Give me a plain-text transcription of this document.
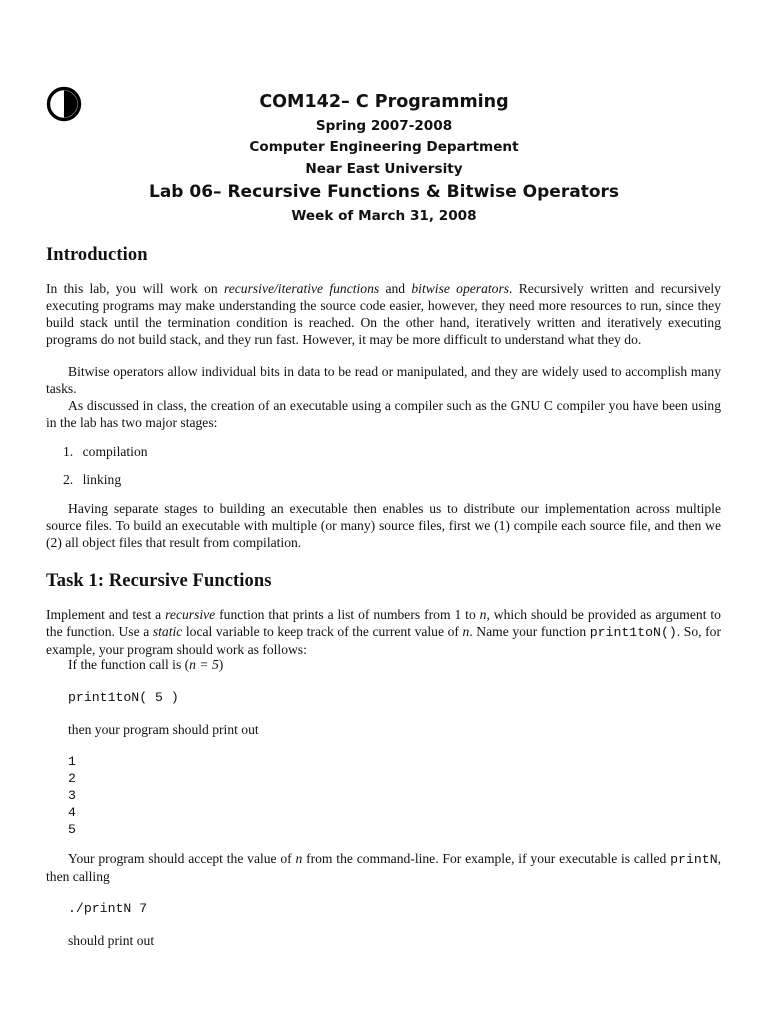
COM142– C Programming
Spring 2007-2008
Computer Engineering Department
Near East University
Lab 06– Recursive Functions & Bitwise Operators
Week of March 31, 2008
Introduction

In this lab, you will work on recursive/iterative functions and bitwise operators. Recursively written and recursively executing programs may make understanding the source code easier, however, they need more resources to run, since they build stack until the termination condition is reached. On the other hand, iteratively written and iteratively executing programs do not build stack, and they run fast. However, it may be more difficult to understand what they do.

Bitwise operators allow individual bits in data to be read or manipulated, and they are widely used to accomplish many tasks.

As discussed in class, the creation of an executable using a compiler such as the GNU C compiler you have been using in the lab has two major stages:

1. compilation
2. linking

Having separate stages to building an executable then enables us to distribute our implementation across multiple source files. To build an executable with multiple (or many) source files, first we (1) compile each source file, and then we (2) all object files that result from compilation.

Task 1: Recursive Functions

Implement and test a recursive function that prints a list of numbers from 1 to n, which should be provided as argument to the function. Use a static local variable to keep track of the current value of n. Name your function print1toN(). So, for example, your program should work as follows:

If the function call is (n = 5)

print1toN( 5 )

then your program should print out

1
2
3
4
5

Your program should accept the value of n from the command-line. For example, if your executable is called printN, then calling

./printN 7

should print out
